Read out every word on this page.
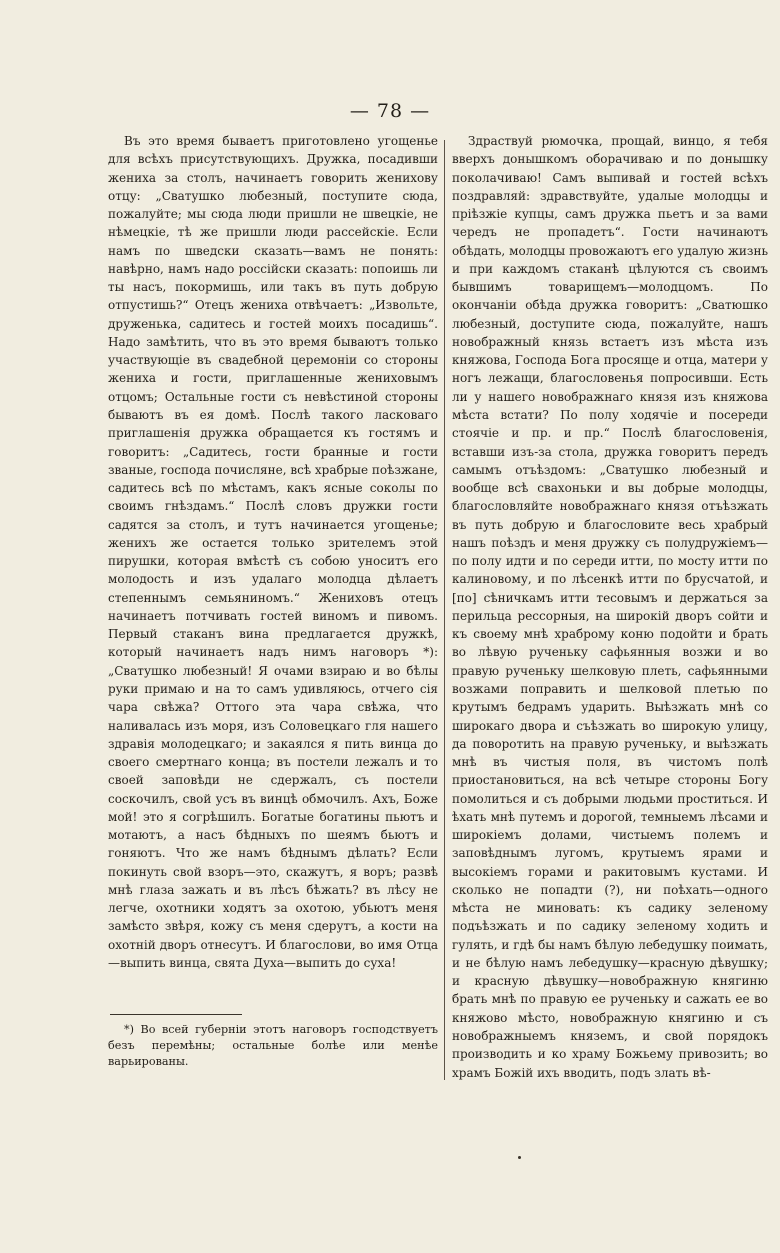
— 78 —

Въ это время бываетъ приготовлено угощенье для всѣхъ присутствующихъ. Дружка, посадивши жениха за столъ, начинаетъ говорить женихову отцу: „Сватушко любезный, поступите сюда, пожалуйте; мы сюда люди пришли не швецкіе, не нѣмецкіе, тѣ же пришли люди рассейскіе. Если намъ по шведски сказать—вамъ не понять: навѣрно, намъ надо россійски сказать: попоишь ли ты насъ, покормишь, или такъ въ путь добрую отпустишь?“ Отецъ жениха отвѣчаетъ: „Извольте, друженька, садитесь и гостей моихъ посадишь“. Надо замѣтить, что въ это время бываютъ только участвующіе въ свадебной церемоніи со стороны жениха и гости, приглашенные жениховымъ отцомъ; Остальные гости съ невѣстиной стороны бываютъ въ ея домѣ. Послѣ такого ласковаго приглашенія дружка обращается къ гостямъ и говоритъ: „Садитесь, гости бранные и гости званые, господа почисляне, всѣ храбрые поѣзжане, садитесь всѣ по мѣстамъ, какъ ясные соколы по своимъ гнѣздамъ.“ Послѣ словъ дружки гости садятся за столъ, и тутъ начинается угощенье; женихъ же остается только зрителемъ этой пирушки, которая вмѣстѣ съ собою уноситъ его молодость и изъ удалаго молодца дѣлаетъ степеннымъ семьяниномъ.“ Жениховъ отецъ начинаетъ потчивать гостей виномъ и пивомъ. Первый стаканъ вина предлагается дружкѣ, который начинаетъ надъ нимъ наговоръ *): „Сватушко любезный! Я очами взираю и во бѣлы руки примаю и на то самъ удивляюсь, отчего сія чара свѣжа? Оттого эта чара свѣжа, что наливалась изъ моря, изъ Соловецкаго гля нашего здравія молодецкаго; и закаялся я пить винца до своего смертнаго конца; въ постели лежалъ и то своей заповѣди не сдержалъ, съ постели соскочилъ, свой усъ въ винцѣ обмочилъ. Ахъ, Боже мой! это я согрѣшилъ. Богатые богатины пьютъ и мотаютъ, а насъ бѣдныхъ по шеямъ бьютъ и гоняютъ. Что же намъ бѣднымъ дѣлать? Если покинуть свой взоръ—это, скажутъ, я воръ; развѣ мнѣ глаза зажать и въ лѣсъ бѣжать? въ лѣсу не легче, охотники ходятъ за охотою, убьютъ меня замѣсто звѣря, кожу съ меня сдерутъ, а кости на охотній дворъ отнесутъ. И благослови, во имя Отца—выпить винца, свята Духа—выпить до суха!

Здраствуй рюмочка, прощай, винцо, я тебя вверхъ донышкомъ оборачиваю и по донышку поколачиваю! Самъ выпивай и гостей всѣхъ поздравляй: здравствуйте, удалые молодцы и пріѣзжіе купцы, самъ дружка пьетъ и за вами чередъ не пропадетъ“. Гости начинаютъ обѣдать, молодцы провожаютъ его удалую жизнь и при каждомъ стаканѣ цѣлуются съ своимъ бывшимъ товарищемъ—молодцомъ. По окончаніи обѣда дружка говоритъ: „Сватюшко любезный, доступите сюда, пожалуйте, нашъ новображный князь встаетъ изъ мѣста изъ княжова, Господа Бога просяще и отца, матери у ногъ лежащи, благословенья попросивши. Есть ли у нашего новображнаго князя изъ княжова мѣста встати? По полу ходячіе и посереди стоячіе и пр. и пр.“ Послѣ благословенія, вставши изъ-за стола, дружка говоритъ передъ самымъ отъѣздомъ: „Сватушко любезный и вообще всѣ свахоньки и вы добрые молодцы, благословляйте новображнаго князя отъѣзжать въ путь добрую и благословите весь храбрый нашъ поѣздъ и меня дружку съ полудружіемъ—по полу идти и по середи итти, по мосту итти по калиновому, и по лѣсенкѣ итти по брусчатой, и [по] сѣничкамъ итти тесовымъ и держаться за перильца рессорныя, на широкій дворъ сойти и къ своему мнѣ храброму коню подойти и брать во лѣвую рученьку сафьянныя возжи и во правую рученьку шелковую плеть, сафьянными возжами поправить и шелковой плетью по крутымъ бедрамъ ударить. Выѣзжать мнѣ со широкаго двора и съѣзжать во широкую улицу, да поворотить на правую рученьку, и выѣзжать мнѣ въ чистыя поля, въ чистомъ полѣ приостановиться, на всѣ четыре стороны Богу помолиться и съ добрыми людьми проститься. И ѣхать мнѣ путемъ и дорогой, темныемъ лѣсами и широкіемъ долами, чистыемъ полемъ и заповѣднымъ лугомъ, крутыемъ ярами и высокіемъ горами и ракитовымъ кустами. И сколько не попадти (?), ни поѣхать—одного мѣста не миновать: къ садику зеленому подъѣзжать и по садику зеленому ходить и гулять, и гдѣ бы намъ бѣлую лебедушку поимать, и не бѣлую намъ лебедушку—красную дѣвушку; и красную дѣвушку—новображную княгиню брать мнѣ по правую ее рученьку и сажать ее во княжово мѣсто, новображную княгиню и съ новображныемъ княземъ, и свой порядокъ производить и ко храму Божьему привозить; во храмъ Божій ихъ вводить, подъ злать вѣ-

*) Во всей губерніи этотъ наговоръ господствуетъ безъ перемѣны; остальные болѣе или менѣе варьированы.
